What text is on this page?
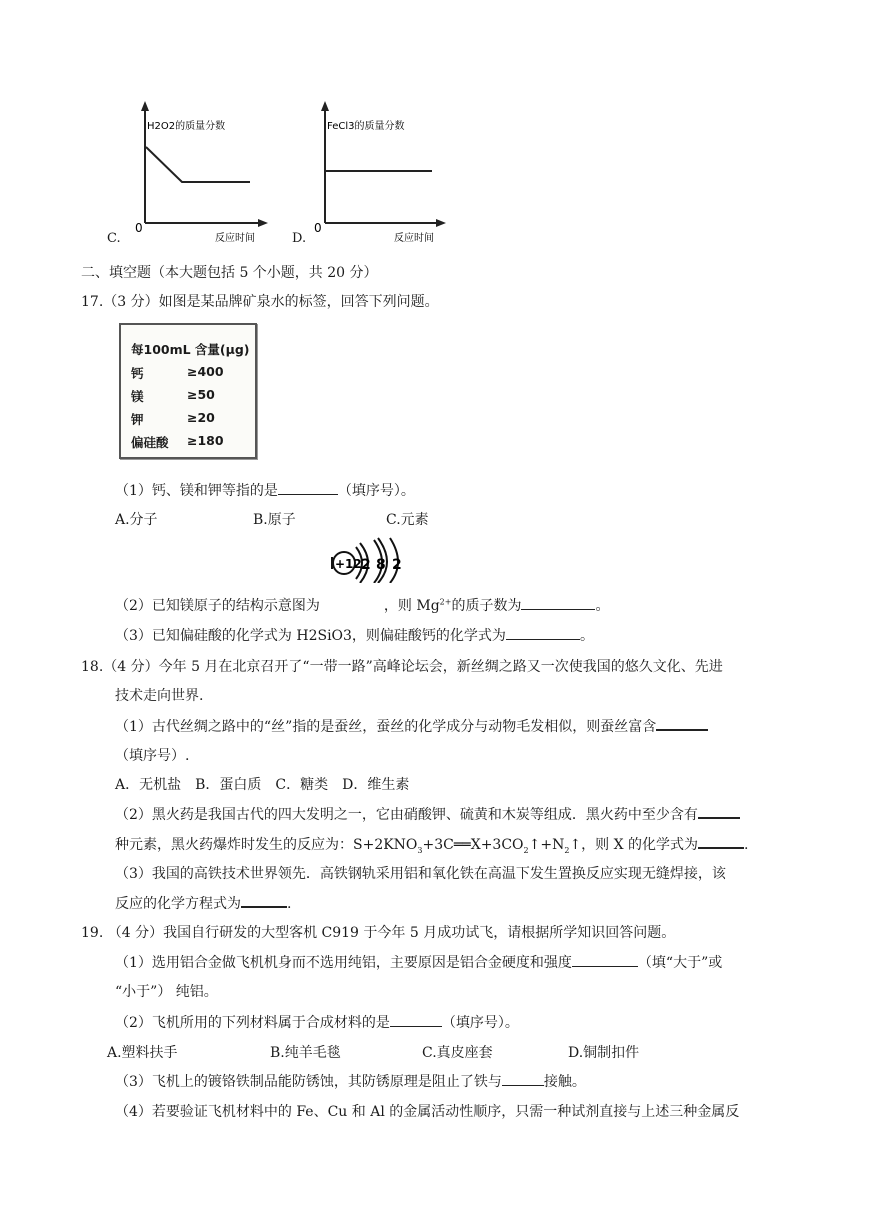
H2O2的质量分数
0
反应时间
C.
FeCl3的质量分数
0
反应时间
D.
二、填空题（本大题包括 5 个小题，共 20 分）
17.（3 分）如图是某品牌矿泉水的标签，回答下列问题。
每100mL 含量(μg)
钙	≥400
镁	≥50
钾	≥20
偏硅酸 ≥180
（1）钙、镁和钾等指的是	（填序号）。
A.分子	B.原子	C.元素
+12 2 8 2
（2）已知镁原子的结构示意图为	，则 $Mg^{2+}$的质子数为	。
（3）已知偏硅酸的化学式为 H2SiO3，则偏硅酸钙的化学式为	。
18.（4 分）今年 5 月在北京召开了“一带一路”高峰论坛会，新丝绸之路又一次使我国的悠久文化、先进
技术走向世界.
（1）古代丝绸之路中的“丝”指的是蚕丝，蚕丝的化学成分与动物毛发相似，则蚕丝富含
（填序号）.
A．无机盐　B．蛋白质　C．糖类　D．维生素
（2）黑火药是我国古代的四大发明之一，它由硝酸钾、硫黄和木炭等组成．黑火药中至少含有
种元素，黑火药爆炸时发生的反应为：$S+2KNO_3+3C══X+3CO_2↑+N_2↑$，则 X 的化学式为	.
（3）我国的高铁技术世界领先．高铁钢轨采用铝和氧化铁在高温下发生置换反应实现无缝焊接，该
反应的化学方程式为	.
19. （4 分）我国自行研发的大型客机 C919 于今年 5 月成功试飞，请根据所学知识回答问题。
（1）选用铝合金做飞机机身而不选用纯铝，主要原因是铝合金硬度和强度	（填“大于”或
“小于”） 纯铝。
（2）飞机所用的下列材料属于合成材料的是	（填序号）。
A.塑料扶手	B.纯羊毛毯	C.真皮座套	D.铜制扣件
（3）飞机上的镀铬铁制品能防锈蚀，其防锈原理是阻止了铁与	接触。
（4）若要验证飞机材料中的 Fe、Cu 和 Al 的金属活动性顺序，只需一种试剂直接与上述三种金属反
